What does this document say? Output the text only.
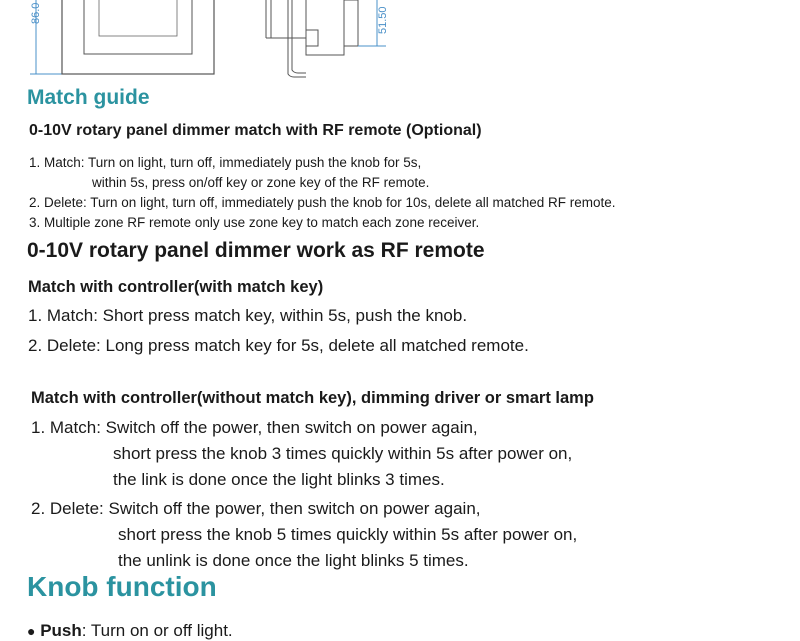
86.0	51.50
Match guide
0-10V rotary panel dimmer match with RF remote (Optional)
1. Match: Turn on light, turn off, immediately push the knob for 5s,
within 5s, press on/off key or zone key of the RF remote.
2. Delete: Turn on light, turn off, immediately push the knob for 10s, delete all matched RF remote.
3. Multiple zone RF remote only use zone key to match each zone receiver.
0-10V rotary panel dimmer work as RF remote
Match with controller(with match key)
1. Match: Short press match key, within 5s, push the knob.
2. Delete: Long press match key for 5s, delete all matched remote.
Match with controller(without match key), dimming driver or smart lamp
1. Match: Switch off the power, then switch on power again,
short press the knob 3 times quickly within 5s after power on,
the link is done once the light blinks 3 times.
2. Delete: Switch off the power, then switch on power again,
short press the knob 5 times quickly within 5s after power on,
the unlink is done once the light blinks 5 times.
Knob function
● Push: Turn on or off light.
